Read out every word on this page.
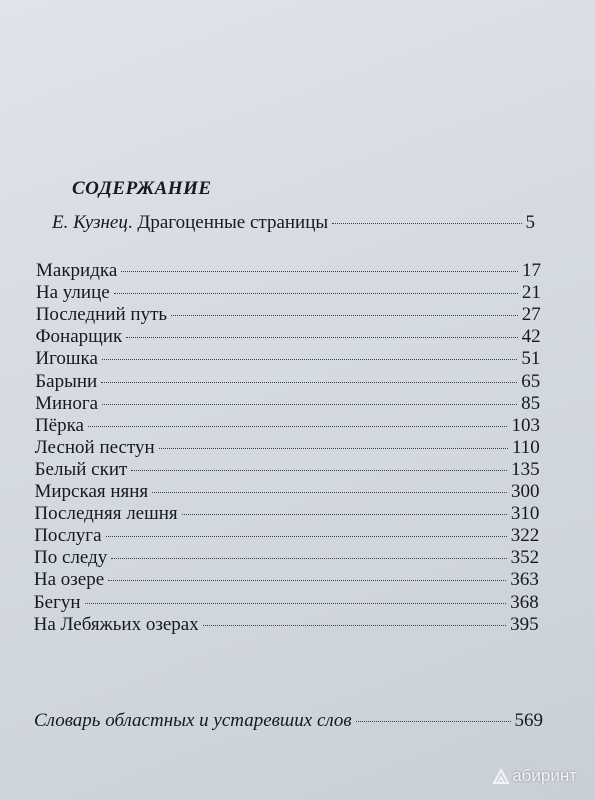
СОДЕРЖАНИЕ
Е. Кузнец. Драгоценные страницы	5
Макридка	17
На улице	21
Последний путь	27
Фонарщик	42
Игошка	51
Барыни	65
Минога	85
Пёрка	103
Лесной пестун	110
Белый скит	135
Мирская няня	300
Последняя лешня	310
Послуга	322
По следу	352
На озере	363
Бегун	368
На Лебяжьих озерах	395
Словарь областных и устаревших слов	569
абиринт
